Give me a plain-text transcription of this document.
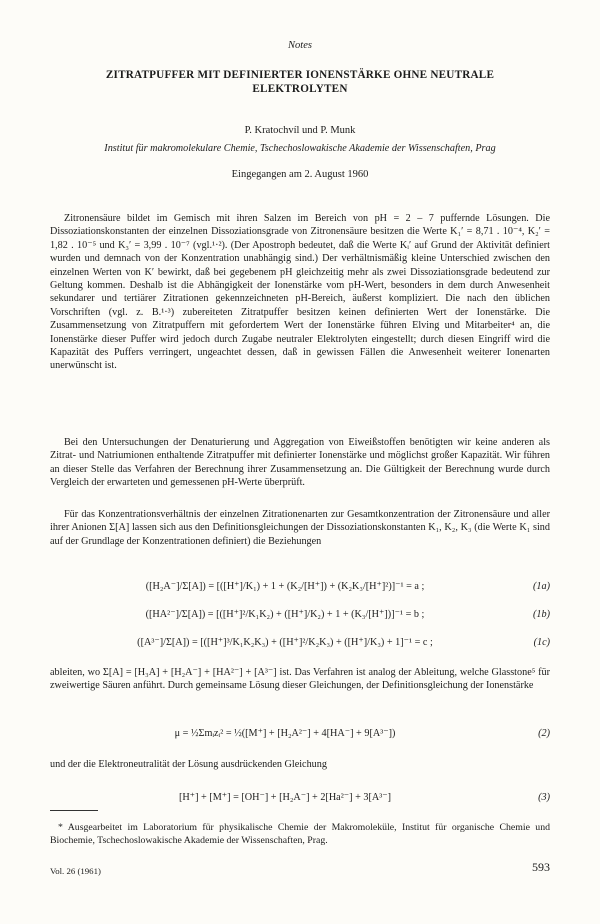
Notes
ZITRATPUFFER MIT DEFINIERTER IONENSTÄRKE OHNE NEUTRALE ELEKTROLYTEN
P. Kratochvíl und P. Munk
Institut für makromolekulare Chemie, Tschechoslowakische Akademie der Wissenschaften, Prag
Eingegangen am 2. August 1960

Zitronensäure bildet im Gemisch mit ihren Salzen im Bereich von pH = 2 – 7 puffernde Lösungen. Die Dissoziationskonstanten der einzelnen Dissoziationsgrade von Zitronensäure besitzen die Werte K₁′ = 8,71 . 10⁻⁴, K₂′ = 1,82 . 10⁻⁵ und K₃′ = 3,99 . 10⁻⁷ (vgl.¹·²). (Der Apostroph bedeutet, daß die Werte Kᵢ′ auf Grund der Aktivität definiert wurden und demnach von der Konzentration unabhängig sind.) Der verhältnismäßig kleine Unterschied zwischen den einzelnen Werten von K′ bewirkt, daß bei gegebenem pH gleichzeitig mehr als zwei Dissoziationsgrade bedeutend zur Geltung kommen. Deshalb ist die Abhängigkeit der Ionenstärke vom pH-Wert, besonders in dem durch Anwesenheit sekundarer und tertiärer Zitrationen gekennzeichneten pH-Bereich, äußerst kompliziert. Die nach den üblichen Vorschriften (vgl. z. B.¹·³) zubereiteten Zitratpuffer besitzen keinen definierten Wert der Ionenstärke. Die Zusammensetzung von Zitratpuffern mit gefordertem Wert der Ionenstärke führen Elving und Mitarbeiter⁴ an, die Ionenstärke dieser Puffer wird jedoch durch Zugabe neutraler Elektrolyten eingestellt; durch diesen Eingriff wird die Kapazität des Puffers verringert, ungeachtet dessen, daß in gewissen Fällen die Anwesenheit weiterer Ionenarten unerwünscht ist.

Bei den Untersuchungen der Denaturierung und Aggregation von Eiweißstoffen benötigten wir keine anderen als Zitrat- und Natriumionen enthaltende Zitratpuffer mit definierter Ionenstärke und möglichst großer Kapazität. Wir führen an dieser Stelle das Verfahren der Berechnung ihrer Zusammensetzung an. Die Gültigkeit der Berechnung wurde durch Vergleich der erwarteten und gemessenen pH-Werte überprüft.

Für das Konzentrationsverhältnis der einzelnen Zitrationenarten zur Gesamtkonzentration der Zitronensäure und aller ihrer Anionen Σ[A] lassen sich aus den Definitionsgleichungen der Dissoziationskonstanten K₁, K₂, K₃ (die Werte K₁ sind auf der Grundlage der Konzentrationen definiert) die Beziehungen

([H₂A⁻]/Σ[A]) = [([H⁺]/K₁) + 1 + (K₂/[H⁺]) + (K₂K₃/[H⁺]²)]⁻¹ = a ;	(1a)
([HA²⁻]/Σ[A]) = [([H⁺]²/K₁K₂) + ([H⁺]/K₂) + 1 + (K₃/[H⁺])]⁻¹ = b ;	(1b)
([A³⁻]/Σ[A]) = [([H⁺]³/K₁K₂K₃) + ([H⁺]²/K₂K₃) + ([H⁺]/K₃) + 1]⁻¹ = c ;	(1c)

ableiten, wo Σ[A] = [H₃A] + [H₂A⁻] + [HA²⁻] + [A³⁻] ist. Das Verfahren ist analog der Ableitung, welche Glasstone⁵ für zweiwertige Säuren anführt. Durch gemeinsame Lösung dieser Gleichungen, der Definitionsgleichung der Ionenstärke

μ = ½Σmᵢzᵢ² = ½([M⁺] + [H₂A²⁻] + 4[HA⁻] + 9[A³⁻])	(2)

und der die Elektroneutralität der Lösung ausdrückenden Gleichung

[H⁺] + [M⁺] = [OH⁻] + [H₂A⁻] + 2[Ha²⁻] + 3[A³⁻]	(3)

* Ausgearbeitet im Laboratorium für physikalische Chemie der Makromoleküle, Institut für organische Chemie und Biochemie, Tschechoslowakische Akademie der Wissenschaften, Prag.

Vol. 26 (1961)	593
